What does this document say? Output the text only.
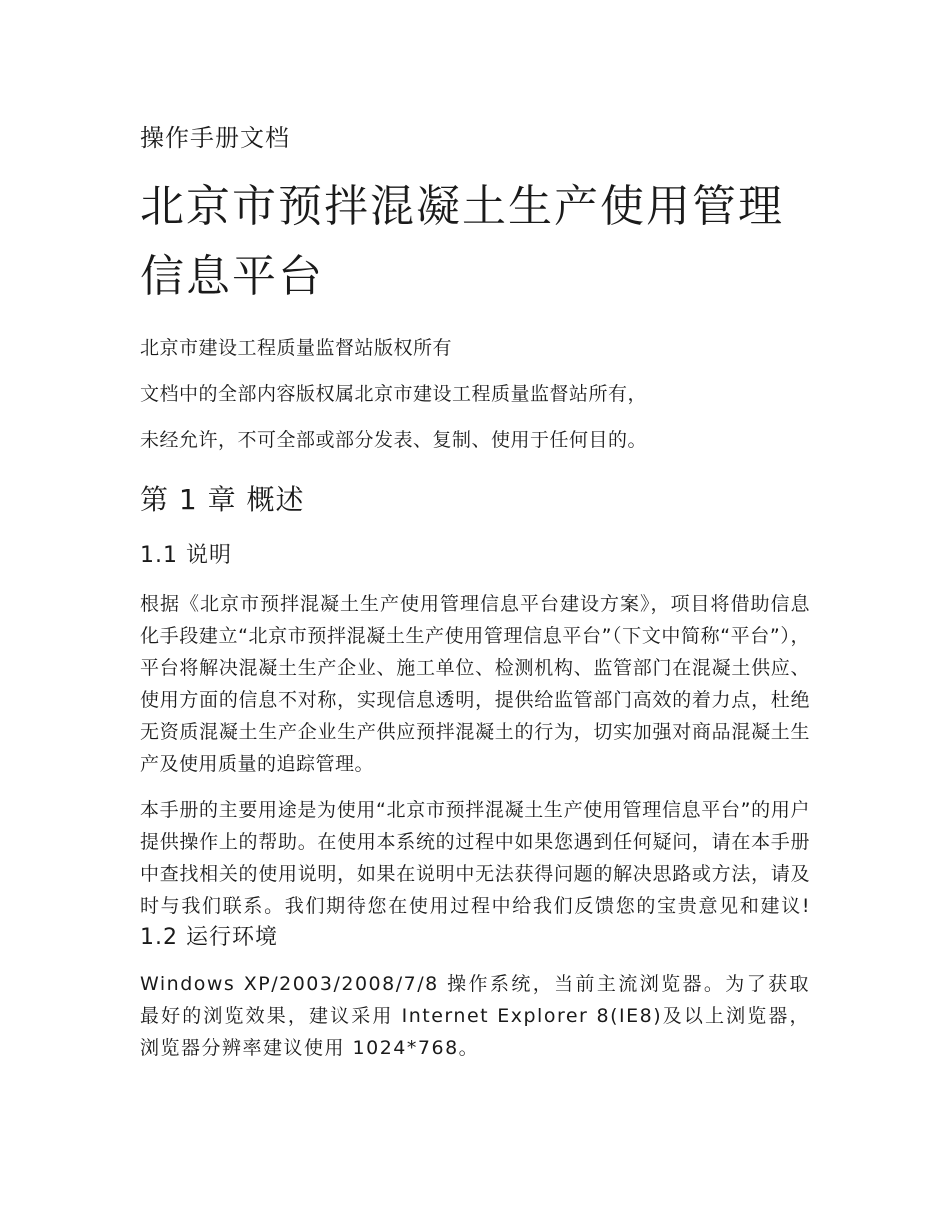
操作手册文档
北京市预拌混凝土生产使用管理
信息平台

北京市建设工程质量监督站版权所有

文档中的全部内容版权属北京市建设工程质量监督站所有，

未经允许，不可全部或部分发表、复制、使用于任何目的。

第 1 章 概述
1.1 说明

根据《北京市预拌混凝土生产使用管理信息平台建设方案》，项目将借助信息化手段建立“北京市预拌混凝土生产使用管理信息平台”（下文中简称“平台”），平台将解决混凝土生产企业、施工单位、检测机构、监管部门在混凝土供应、使用方面的信息不对称，实现信息透明，提供给监管部门高效的着力点，杜绝无资质混凝土生产企业生产供应预拌混凝土的行为，切实加强对商品混凝土生产及使用质量的追踪管理。

本手册的主要用途是为使用“北京市预拌混凝土生产使用管理信息平台”的用户提供操作上的帮助。在使用本系统的过程中如果您遇到任何疑问，请在本手册中查找相关的使用说明，如果在说明中无法获得问题的解决思路或方法，请及时与我们联系。我们期待您在使用过程中给我们反馈您的宝贵意见和建议! 1.2 运行环境

Windows XP/2003/2008/7/8 操作系统，当前主流浏览器。为了获取最好的浏览效果，建议采用 Internet Explorer 8(IE8)及以上浏览器，浏览器分辨率建议使用 1024*768。
